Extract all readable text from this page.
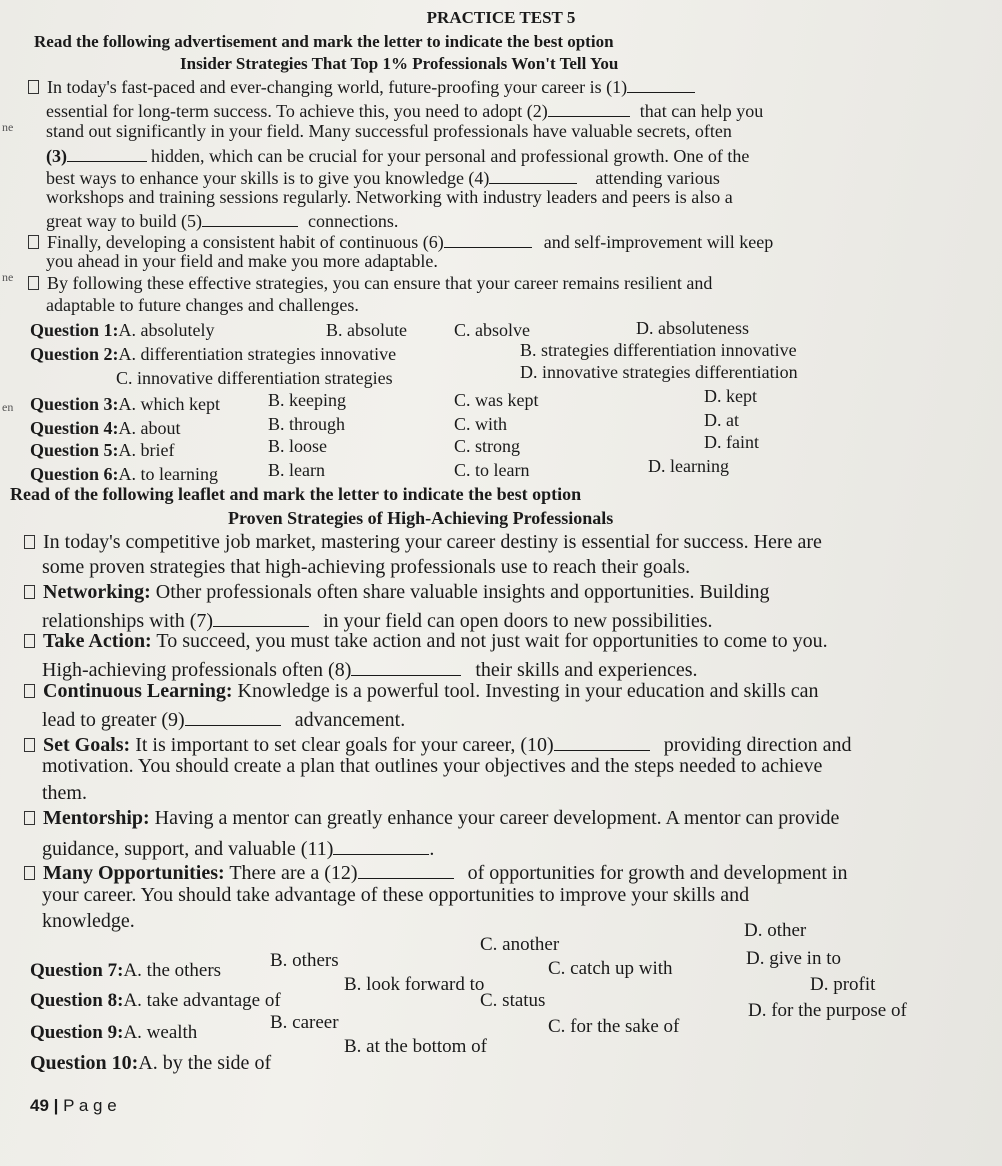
ne
ne
en
PRACTICE TEST 5
Read the following advertisement and mark the letter to indicate the best option
Insider Strategies That Top 1% Professionals Won't Tell You
In today's fast-paced and ever-changing world, future-proofing your career is (1)
essential for long-term success. To achieve this, you need to adopt (2)	that can help you
stand out significantly in your field. Many successful professionals have valuable secrets, often
(3)	hidden, which can be crucial for your personal and professional growth. One of the
best ways to enhance your skills is to give you knowledge (4)	attending various
workshops and training sessions regularly. Networking with industry leaders and peers is also a
great way to build (5)	connections.
Finally, developing a consistent habit of continuous (6)	and self-improvement will keep
you ahead in your field and make you more adaptable.
By following these effective strategies, you can ensure that your career remains resilient and
adaptable to future changes and challenges.
Question 1:A. absolutely	B. absolute	C. absolve	D. absoluteness
Question 2:A. differentiation strategies innovative	B. strategies differentiation innovative
C. innovative differentiation strategies	D. innovative strategies differentiation
Question 3:A. which kept	B. keeping	C. was kept	D. kept
Question 4:A. about	B. through	C. with	D. at
Question 5:A. brief	B. loose	C. strong	D. faint
Question 6:A. to learning	B. learn	C. to learn	D. learning
Read of the following leaflet and mark the letter to indicate the best option
Proven Strategies of High-Achieving Professionals
In today's competitive job market, mastering your career destiny is essential for success. Here are
some proven strategies that high-achieving professionals use to reach their goals.
Networking: Other professionals often share valuable insights and opportunities. Building
relationships with (7)	in your field can open doors to new possibilities.
Take Action: To succeed, you must take action and not just wait for opportunities to come to you.
High-achieving professionals often (8)	their skills and experiences.
Continuous Learning: Knowledge is a powerful tool. Investing in your education and skills can
lead to greater (9)	advancement.
Set Goals: It is important to set clear goals for your career, (10)	providing direction and
motivation. You should create a plan that outlines your objectives and the steps needed to achieve
them.
Mentorship: Having a mentor can greatly enhance your career development. A mentor can provide
guidance, support, and valuable (11)	.
Many Opportunities: There are a (12)	of opportunities for growth and development in
your career. You should take advantage of these opportunities to improve your skills and
knowledge.
Question 7:A. the others	B. others
C. another
D. other
Question 8:A. take advantage of
B. look forward to
C. catch up with	D. give in to
Question 9:A. wealth	B. career
C. status
D. profit
Question 10:A. by the side of
B. at the bottom of
C. for the sake of
D. for the purpose of
49 | P a g e
